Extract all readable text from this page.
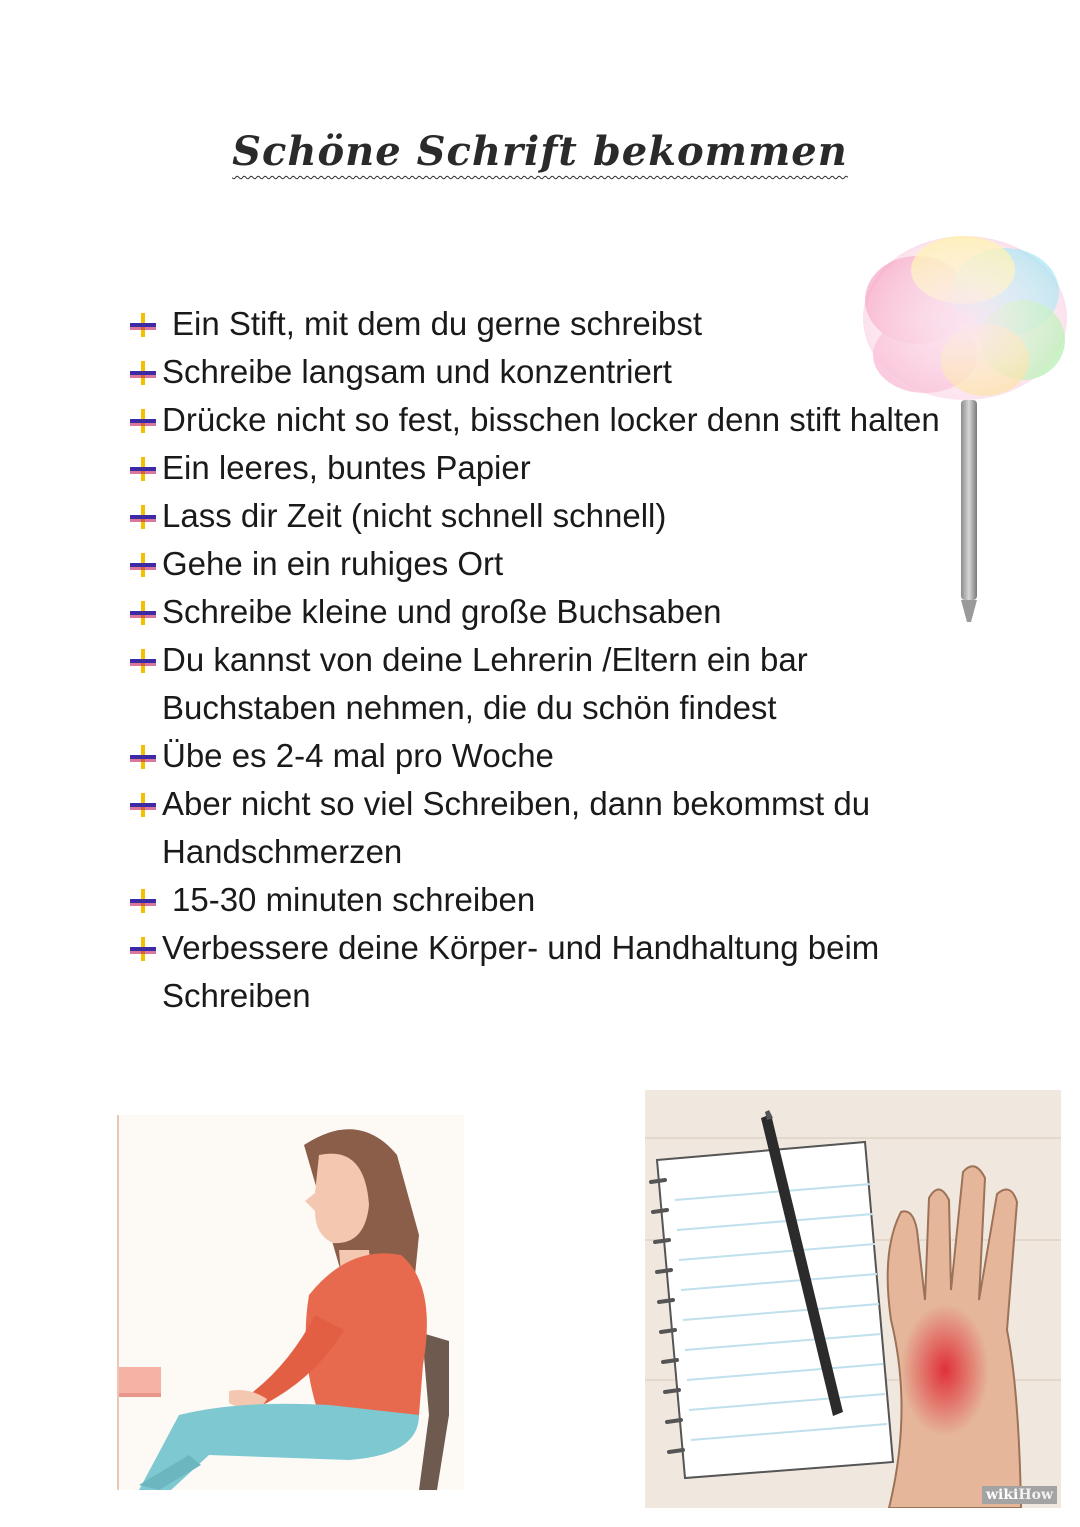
Schöne Schrift bekommen
Ein Stift, mit dem du gerne schreibst
Schreibe langsam und konzentriert
Drücke nicht so fest, bisschen locker denn stift halten
Ein leeres, buntes Papier
Lass dir Zeit (nicht schnell schnell)
Gehe in ein ruhiges Ort
Schreibe kleine und große Buchsaben
Du kannst von deine Lehrerin /Eltern ein bar Buchstaben nehmen, die du schön findest
Übe es 2-4 mal pro Woche
Aber nicht so viel Schreiben, dann bekommst du Handschmerzen
15-30 minuten schreiben
Verbessere deine Körper- und Handhaltung beim Schreiben
wikiHow
